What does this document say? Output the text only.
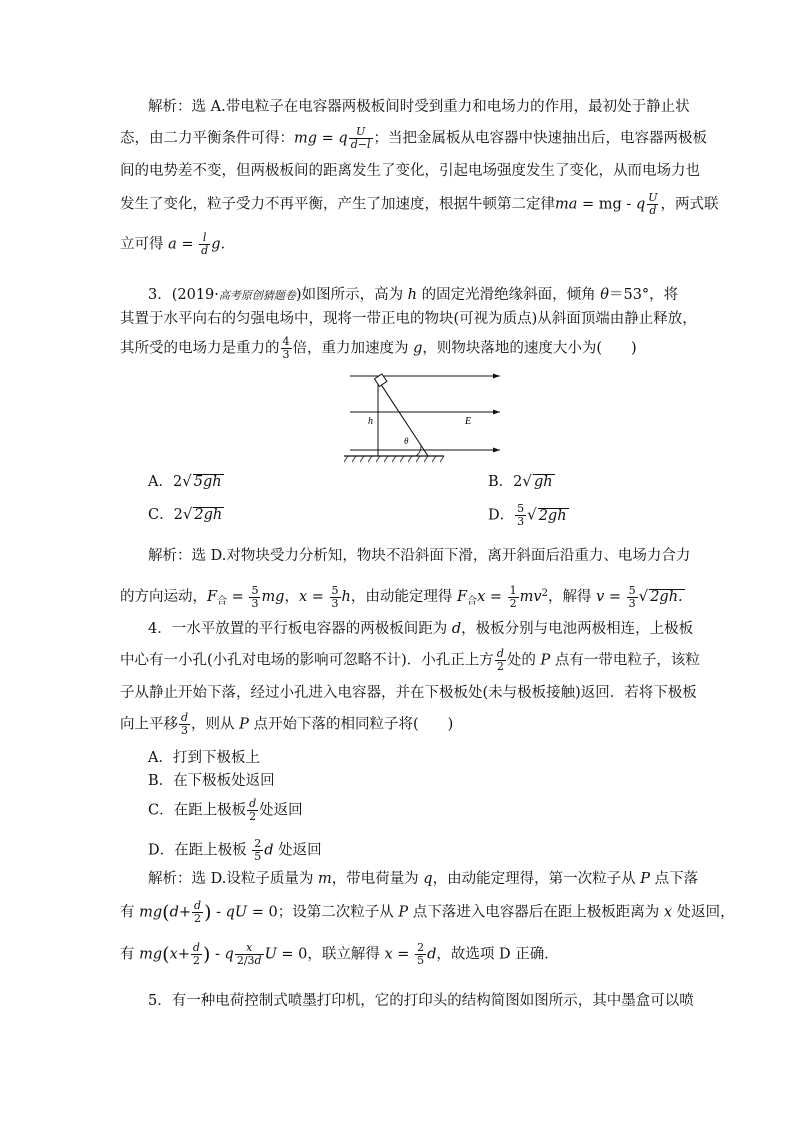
解析：选 A.带电粒子在电容器两极板间时受到重力和电场力的作用，最初处于静止状
态，由二力平衡条件可得：mg = q $\frac{U}{d-l}$ ；当把金属板从电容器中快速抽出后，电容器两极板
间的电势差不变，但两极板间的距离发生了变化，引起电场强度发生了变化，从而电场力也
发生了变化，粒子受力不再平衡，产生了加速度，根据牛顿第二定律ma = mg - q $\frac{U}{d}$ ，两式联
立可得 $a = \frac{l}{d} g$.
3．(2019·高考原创猜题卷)如图所示，高为 h 的固定光滑绝缘斜面，倾角 θ＝53°，将
其置于水平向右的匀强电场中，现将一带正电的物块(可视为质点)从斜面顶端由静止释放，
其所受的电场力是重力的 $\frac{4}{3}$ 倍，重力加速度为 g，则物块落地的速度大小为(　　)
h	E
θ
A．2√ 5gh	B．2√ gh
C．2√ 2gh	D． $\frac{5}{3}$ √ 2gh
解析：选 D.对物块受力分析知，物块不沿斜面下滑，离开斜面后沿重力、电场力合力
的方向运动，$F_合 = \frac{5}{3}$ mg，$x = \frac{5}{3}$ h，由动能定理得 $F_合x = \frac{1}{2} mv^2$，解得 $v = \frac{5}{3}$ √ 2gh.
4．一水平放置的平行板电容器的两极板间距为 d，极板分别与电池两极相连，上极板
中心有一小孔(小孔对电场的影响可忽略不计)．小孔正上方 $\frac{d}{2}$ 处的 P 点有一带电粒子，该粒
子从静止开始下落，经过小孔进入电容器，并在下极板处(未与极板接触)返回．若将下极板
向上平移 $\frac{d}{3}$ ，则从 P 点开始下落的相同粒子将(　　)
A．打到下极板上
B．在下极板处返回
C．在距上极板 $\frac{d}{2}$ 处返回
D．在距上极板 $\frac{2}{5}$ d 处返回
解析：选 D.设粒子质量为 m，带电荷量为 q，由动能定理得，第一次粒子从 P 点下落
有 $mg(d+ \frac{d}{2}$ ) - qU = 0；设第二次粒子从 P 点下落进入电容器后在距上极板距离为 x 处返回，
有 $mg(x+ \frac{d}{2}$ ) - q $\frac{x}{2/3d}$ U = 0，联立解得 $x = \frac{2}{5}$ d，故选项 D 正确．
5．有一种电荷控制式喷墨打印机，它的打印头的结构简图如图所示，其中墨盒可以喷
